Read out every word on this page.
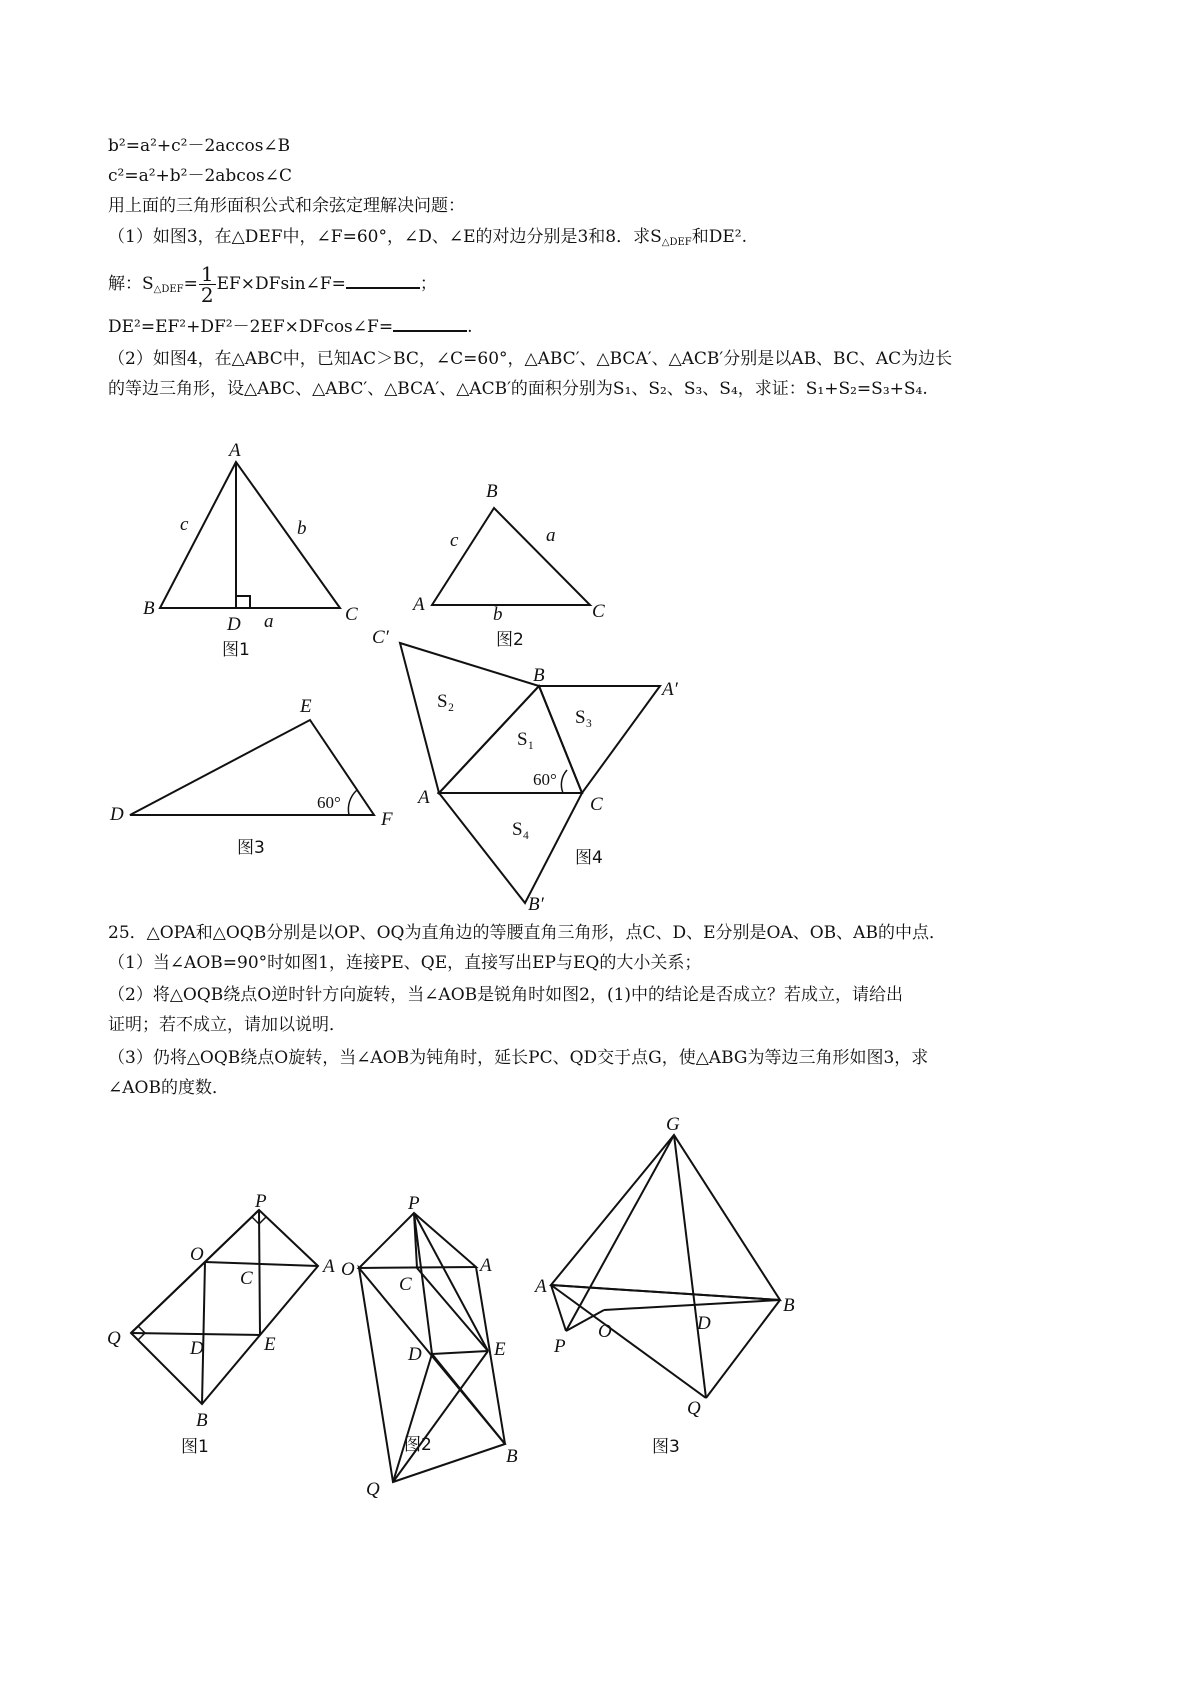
b²=a²+c²－2accos∠B
c²=a²+b²－2abcos∠C
用上面的三角形面积公式和余弦定理解决问题：
（1）如图3，在△DEF中，∠F=60°，∠D、∠E的对边分别是3和8．求$S_{\triangle DEF}$和DE².
解：$S_{\triangle DEF}= \frac{1}{2}$ EF×DFsin∠F=	；
DE²=EF²+DF²－2EF×DFcos∠F=	.
（2）如图4，在△ABC中，已知AC＞BC，∠C=60°，△ABC′、△BCA′、△ACB′分别是以AB、BC、AC为边长
的等边三角形，设△ABC、△ABC′、△BCA′、△ACB′的面积分别为S₁、S₂、S₃、S₄，求证：S₁+S₂=S₃+S₄.
25．△OPA和△OQB分别是以OP、OQ为直角边的等腰直角三角形，点C、D、E分别是OA、OB、AB的中点．
（1）当∠AOB=90°时如图1，连接PE、QE，直接写出EP与EQ的大小关系；
（2）将△OQB绕点O逆时针方向旋转，当∠AOB是锐角时如图2，(1)中的结论是否成立？若成立，请给出
证明；若不成立，请加以说明．
（3）仍将△OQB绕点O旋转，当∠AOB为钝角时，延长PC、QD交于点G，使△ABG为等边三角形如图3，求
∠AOB的度数．
A
B	C
D a
b
c
图1
B
A	C
a
b
c
图2
D
E
F
60°
图3
C′
B
A′
A	C
B′
S₁
S₂
S₃
S₄
60°
图4
P
O
A
C
Q	D	E
B
图1
P
O	A
C
D	E
Q
B
图2
G
A
B
P
O	D
Q
图3
